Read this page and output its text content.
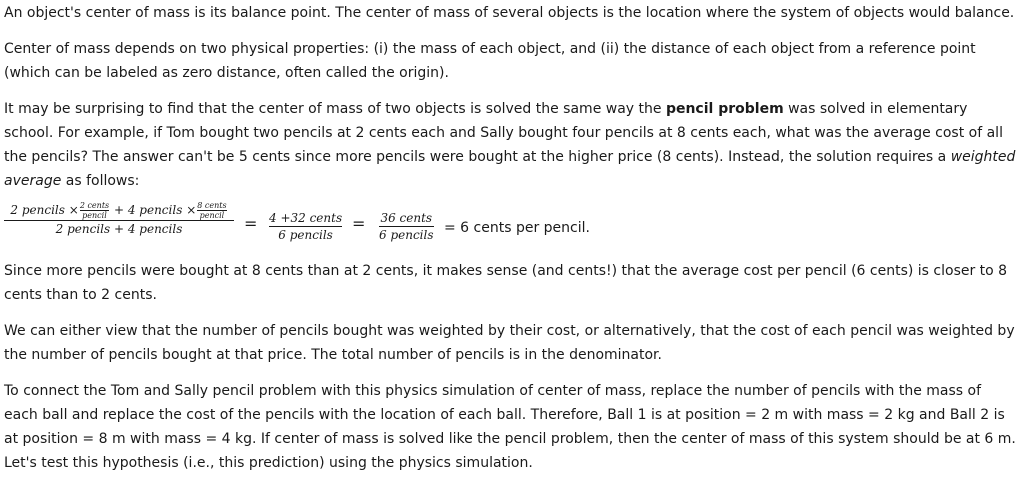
An object's center of mass is its balance point. The center of mass of several objects is the location where the system of objects would balance.

Center of mass depends on two physical properties: (i) the mass of each object, and (ii) the distance of each object from a reference point (which can be labeled as zero distance, often called the origin).

It may be surprising to find that the center of mass of two objects is solved the same way the pencil problem was solved in elementary school. For example, if Tom bought two pencils at 2 cents each and Sally bought four pencils at 8 cents each, what was the average cost of all the pencils? The answer can't be 5 cents since more pencils were bought at the higher price (8 cents). Instead, the solution requires a weighted average as follows:

2 pencils × 2 cents
pencil + 4 pencils × 8 cents
pencil
2 pencils + 4 pencils	= 4 +32 cents
6 pencils
= 36 cents
6 pencils = 6 cents per pencil.

Since more pencils were bought at 8 cents than at 2 cents, it makes sense (and cents!) that the average cost per pencil (6 cents) is closer to 8 cents than to 2 cents.

We can either view that the number of pencils bought was weighted by their cost, or alternatively, that the cost of each pencil was weighted by the number of pencils bought at that price. The total number of pencils is in the denominator.

To connect the Tom and Sally pencil problem with this physics simulation of center of mass, replace the number of pencils with the mass of each ball and replace the cost of the pencils with the location of each ball. Therefore, Ball 1 is at position = 2 m with mass = 2 kg and Ball 2 is at position = 8 m with mass = 4 kg. If center of mass is solved like the pencil problem, then the center of mass of this system should be at 6 m. Let's test this hypothesis (i.e., this prediction) using the physics simulation.
